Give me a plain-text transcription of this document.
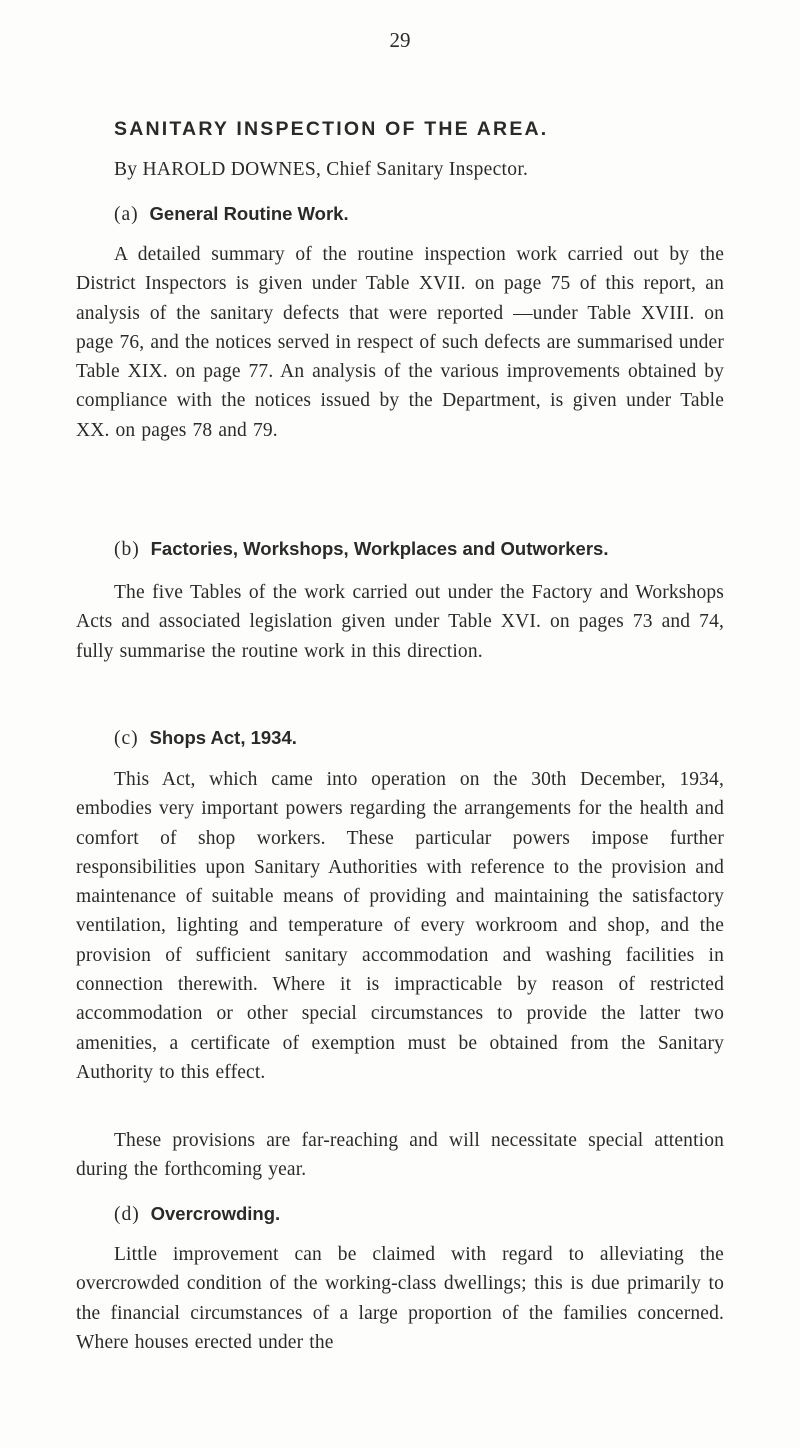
29
SANITARY INSPECTION OF THE AREA.
By HAROLD DOWNES, Chief Sanitary Inspector.
(a) General Routine Work.
A detailed summary of the routine inspection work carried out by the District Inspectors is given under Table XVII. on page 75 of this report, an analysis of the sanitary defects that were reported —under Table XVIII. on page 76, and the notices served in respect of such defects are summarised under Table XIX. on page 77. An analysis of the various improvements obtained by compliance with the notices issued by the Department, is given under Table XX. on pages 78 and 79.
(b) Factories, Workshops, Workplaces and Outworkers.
The five Tables of the work carried out under the Factory and Workshops Acts and associated legislation given under Table XVI. on pages 73 and 74, fully summarise the routine work in this direction.
(c) Shops Act, 1934.
This Act, which came into operation on the 30th December, 1934, embodies very important powers regarding the arrangements for the health and comfort of shop workers. These particular powers impose further responsibilities upon Sanitary Authorities with reference to the provision and maintenance of suitable means of providing and maintaining the satisfactory ventilation, lighting and temperature of every workroom and shop, and the provision of sufficient sanitary accommodation and washing facilities in connection therewith. Where it is impracticable by reason of restricted accommodation or other special circumstances to provide the latter two amenities, a certificate of exemption must be obtained from the Sanitary Authority to this effect.
These provisions are far-reaching and will necessitate special attention during the forthcoming year.
(d) Overcrowding.
Little improvement can be claimed with regard to alleviating the overcrowded condition of the working-class dwellings; this is due primarily to the financial circumstances of a large proportion of the families concerned. Where houses erected under the
